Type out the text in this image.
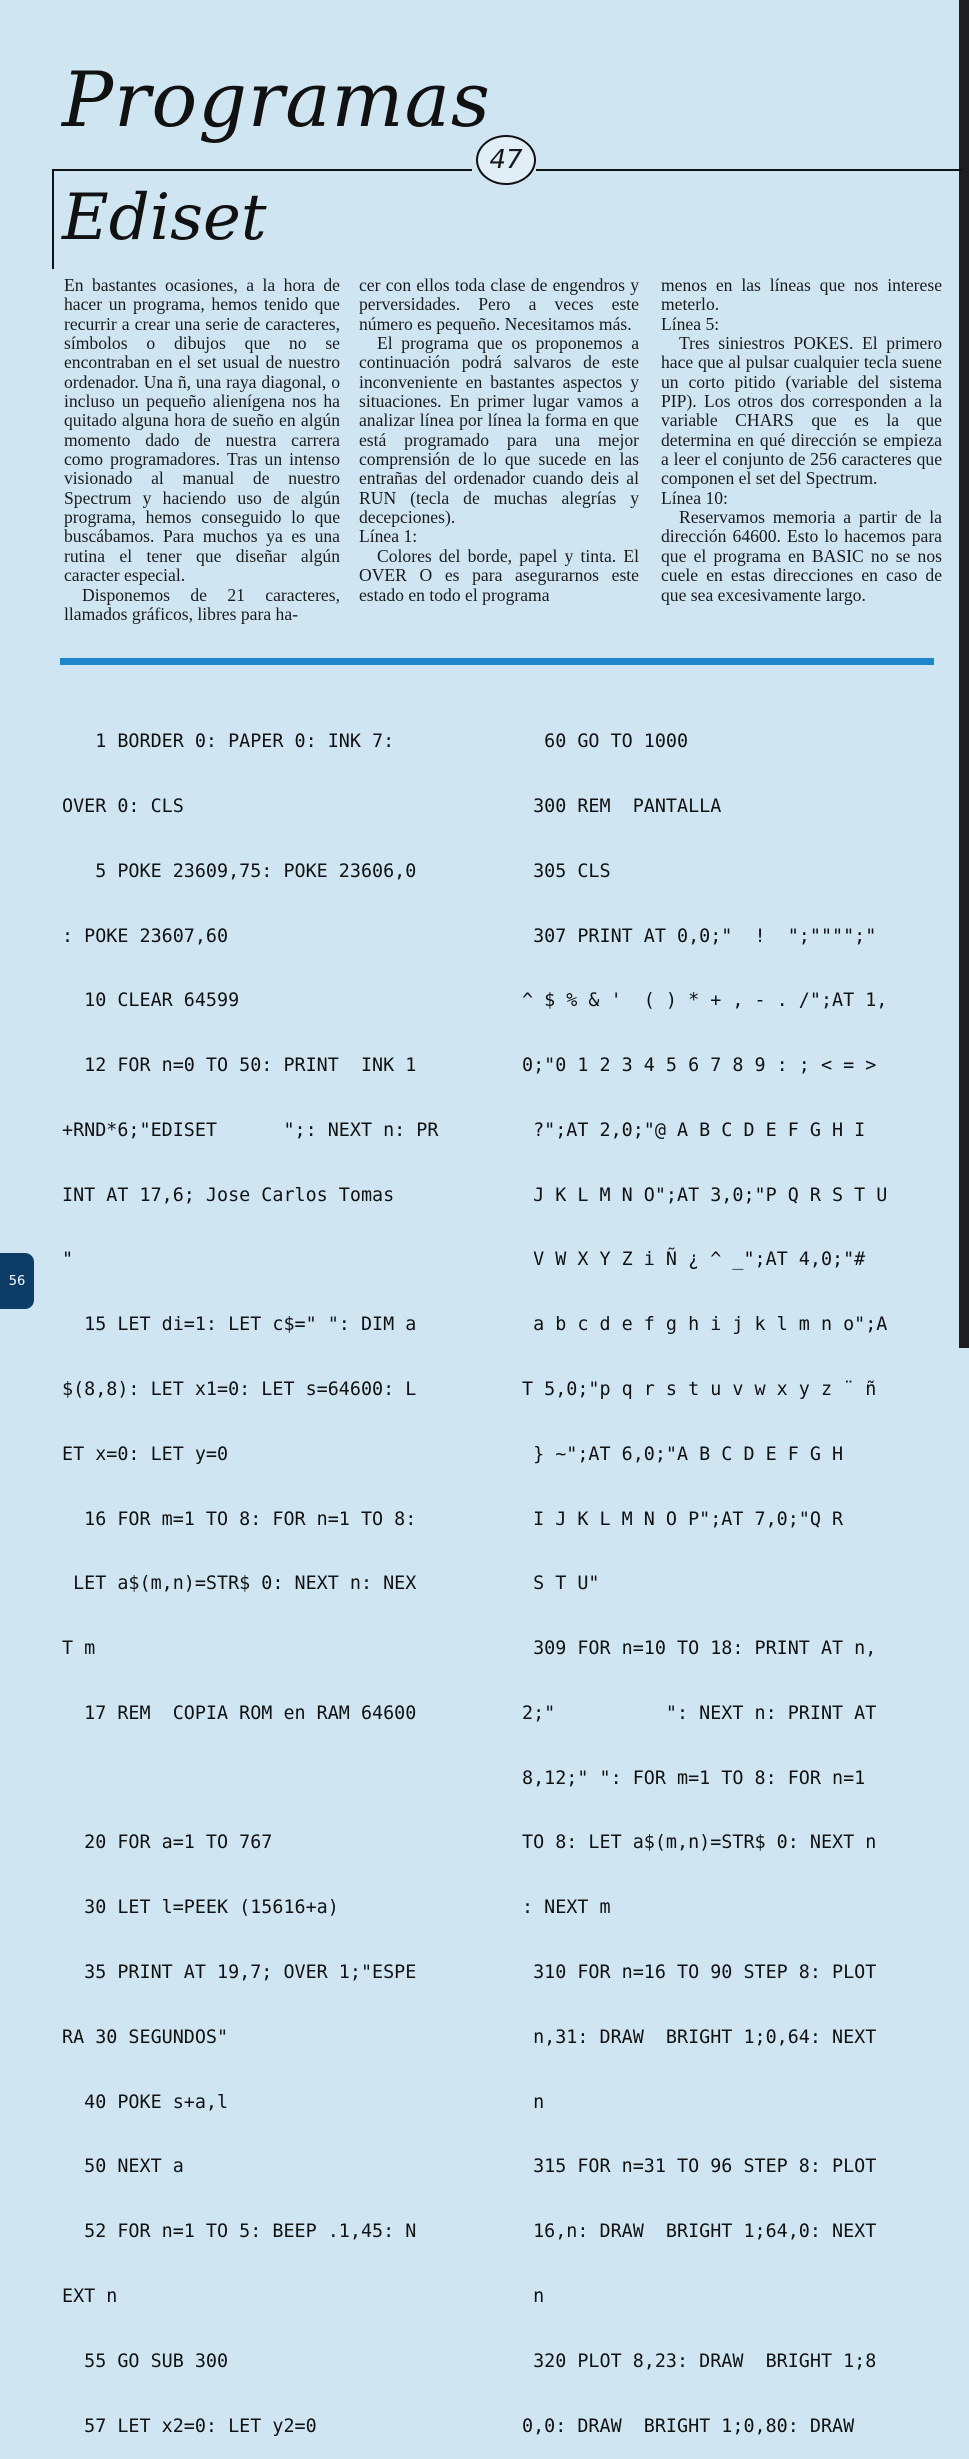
Programas
47
Ediset

En bastantes ocasiones, a la hora de hacer un programa, hemos tenido que recurrir a crear una serie de caracteres, símbolos o dibujos que no se encontraban en el set usual de nuestro ordenador. Una ñ, una raya diagonal, o incluso un pequeño alienígena nos ha quitado alguna hora de sueño en algún momento dado de nuestra carrera como programadores. Tras un intenso visionado al manual de nuestro Spectrum y haciendo uso de algún programa, hemos conseguido lo que buscábamos. Para muchos ya es una rutina el tener que diseñar algún caracter especial.

Disponemos de 21 caracteres, llamados gráficos, libres para ha-

cer con ellos toda clase de engendros y perversidades. Pero a veces este número es pequeño. Necesitamos más.

El programa que os proponemos a continuación podrá salvaros de este inconveniente en bastantes aspectos y situaciones. En primer lugar vamos a analizar línea por línea la forma en que está programado para una mejor comprensión de lo que sucede en las entrañas del ordenador cuando deis al RUN (tecla de muchas alegrías y decepciones).

Línea 1:

Colores del borde, papel y tinta. El OVER O es para asegurarnos este estado en todo el programa

menos en las líneas que nos interese meterlo.

Línea 5:

Tres siniestros POKES. El primero hace que al pulsar cualquier tecla suene un corto pitido (variable del sistema PIP). Los otros dos corresponden a la variable CHARS que es la que determina en qué dirección se empieza a leer el conjunto de 256 caracteres que componen el set del Spectrum.

Línea 10:

Reservamos memoria a partir de la dirección 64600. Esto lo hacemos para que el programa en BASIC no se nos cuele en estas direcciones en caso de que sea excesivamente largo.

1 BORDER 0: PAPER 0: INK 7:

OVER 0: CLS

5 POKE 23609,75: POKE 23606,0

: POKE 23607,60

10 CLEAR 64599

12 FOR n=0 TO 50: PRINT  INK 1

+RND*6;"EDISET      ";: NEXT n: PR

INT AT 17,6; Jose Carlos Tomas

"

15 LET di=1: LET c$=" ": DIM a

$(8,8): LET x1=0: LET s=64600: L

ET x=0: LET y=0

16 FOR m=1 TO 8: FOR n=1 TO 8:

LET a$(m,n)=STR$ 0: NEXT n: NEX

T m

17 REM  COPIA ROM en RAM 64600

20 FOR a=1 TO 767

30 LET l=PEEK (15616+a)

35 PRINT AT 19,7; OVER 1;"ESPE

RA 30 SEGUNDOS"

40 POKE s+a,l

50 NEXT a

52 FOR n=1 TO 5: BEEP .1,45: N

EXT n

55 GO SUB 300

57 LET x2=0: LET y2=0

60 GO TO 1000

300 REM  PANTALLA

305 CLS

307 PRINT AT 0,0;"  !  ";"""";"

^ $ % & '  ( ) * + , - . /";AT 1,

0;"0 1 2 3 4 5 6 7 8 9 : ; < = >

?";AT 2,0;"@ A B C D E F G H I

J K L M N O";AT 3,0;"P Q R S T U

V W X Y Z i Ñ ¿ ^ _";AT 4,0;"#

a b c d e f g h i j k l m n o";A

T 5,0;"p q r s t u v w x y z ¨ ñ

} ~";AT 6,0;"A B C D E F G H

I J K L M N O P";AT 7,0;"Q R

S T U"

309 FOR n=10 TO 18: PRINT AT n,

2;"          ": NEXT n: PRINT AT

8,12;" ": FOR m=1 TO 8: FOR n=1

TO 8: LET a$(m,n)=STR$ 0: NEXT n

: NEXT m

310 FOR n=16 TO 90 STEP 8: PLOT

n,31: DRAW  BRIGHT 1;0,64: NEXT

n

315 FOR n=31 TO 96 STEP 8: PLOT

16,n: DRAW  BRIGHT 1;64,0: NEXT

n

320 PLOT 8,23: DRAW  BRIGHT 1;8

0,0: DRAW  BRIGHT 1;0,80: DRAW

56
